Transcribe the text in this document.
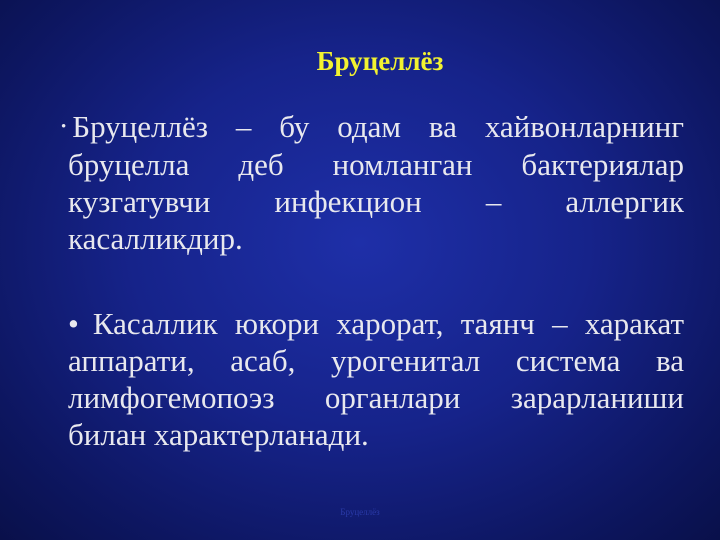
Бруцеллёз
• Бруцеллёз – бу одам ва хайвонларнинг бруцелла деб номланган бактериялар кузгатувчи инфекцион – аллергик касалликдир.
• Касаллик юкори харорат, таянч – харакат аппарати, асаб, урогенитал система ва лимфогемопоэз органлари зарарланиши билан характерланади.
Бруцеллёз
